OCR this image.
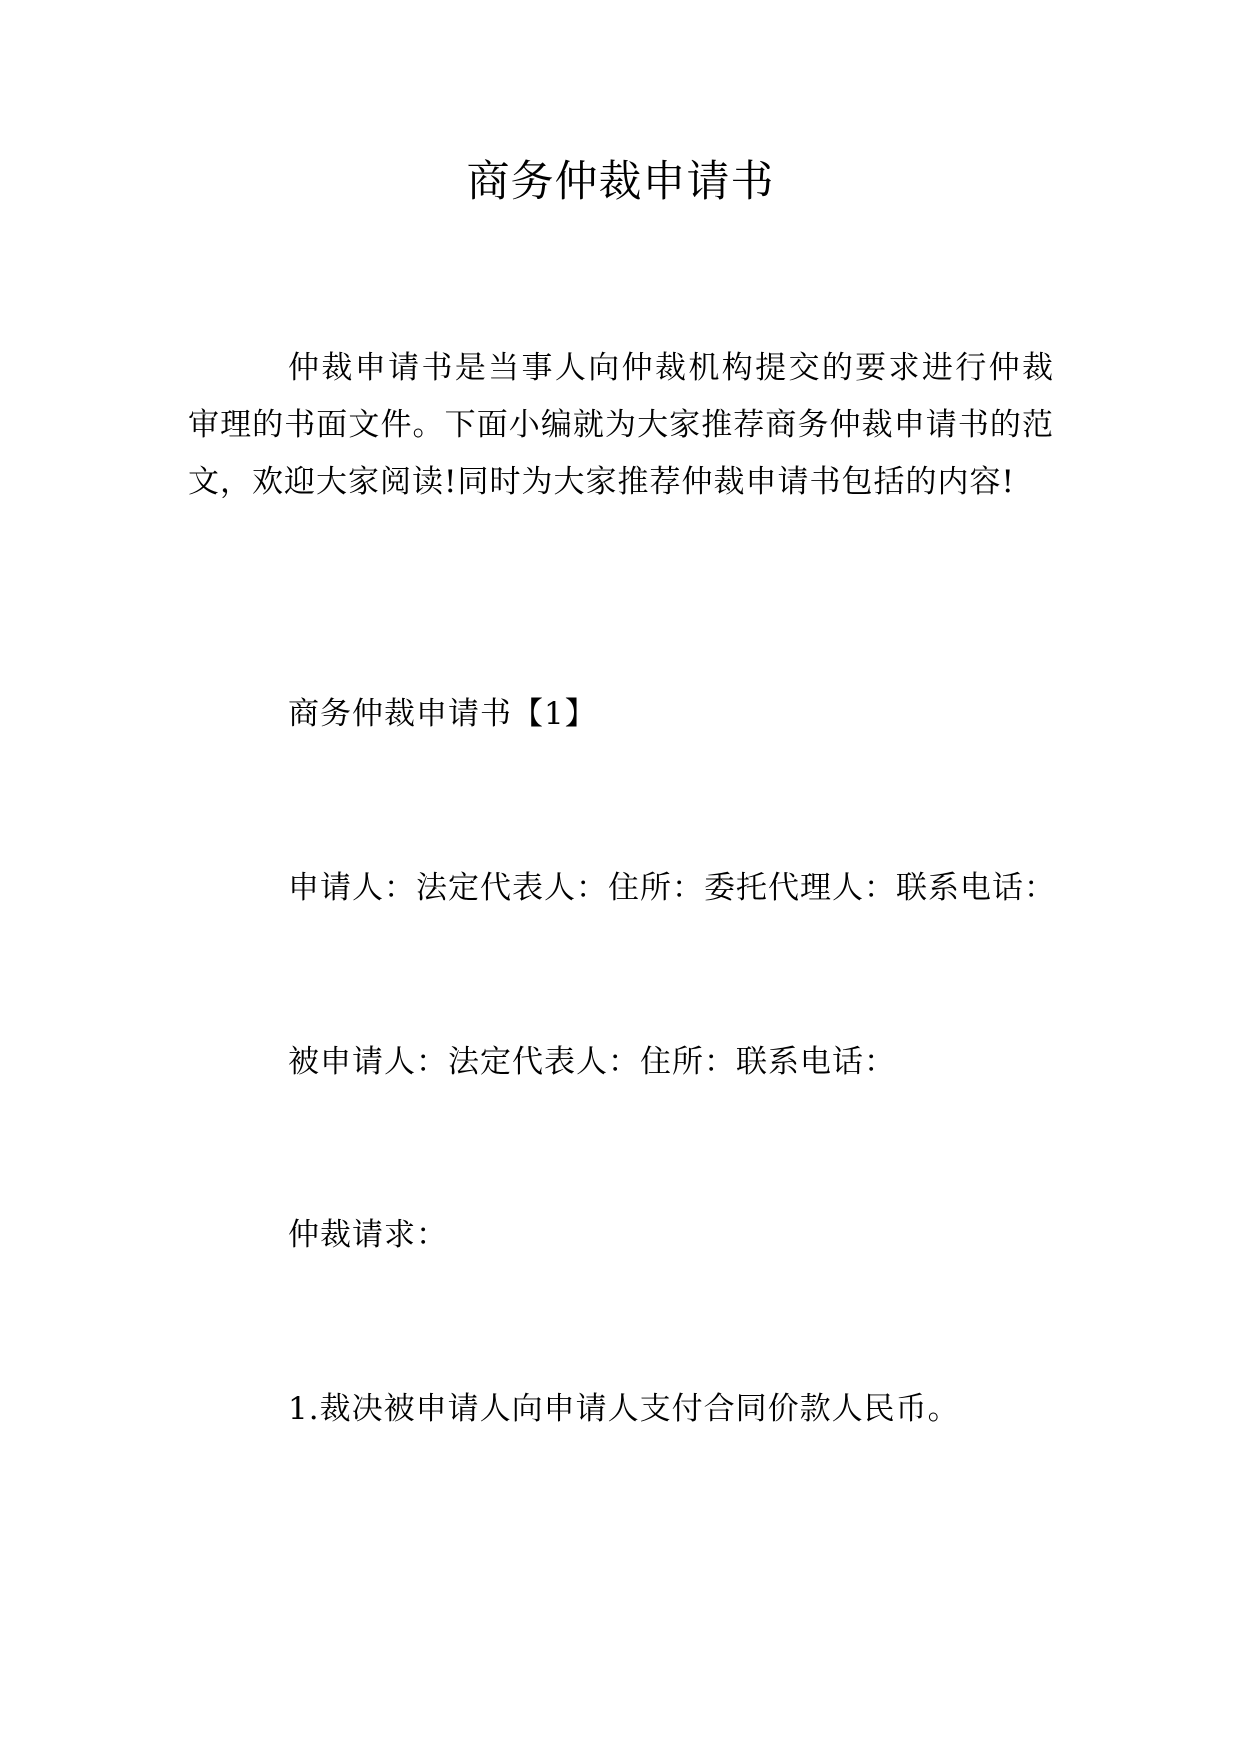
商务仲裁申请书

仲裁申请书是当事人向仲裁机构提交的要求进行仲裁审理的书面文件。下面小编就为大家推荐商务仲裁申请书的范文，欢迎大家阅读!同时为大家推荐仲裁申请书包括的内容!

商务仲裁申请书【1】

申请人：法定代表人：住所：委托代理人：联系电话：

被申请人：法定代表人：住所：联系电话：

仲裁请求：

1.裁决被申请人向申请人支付合同价款人民币。
